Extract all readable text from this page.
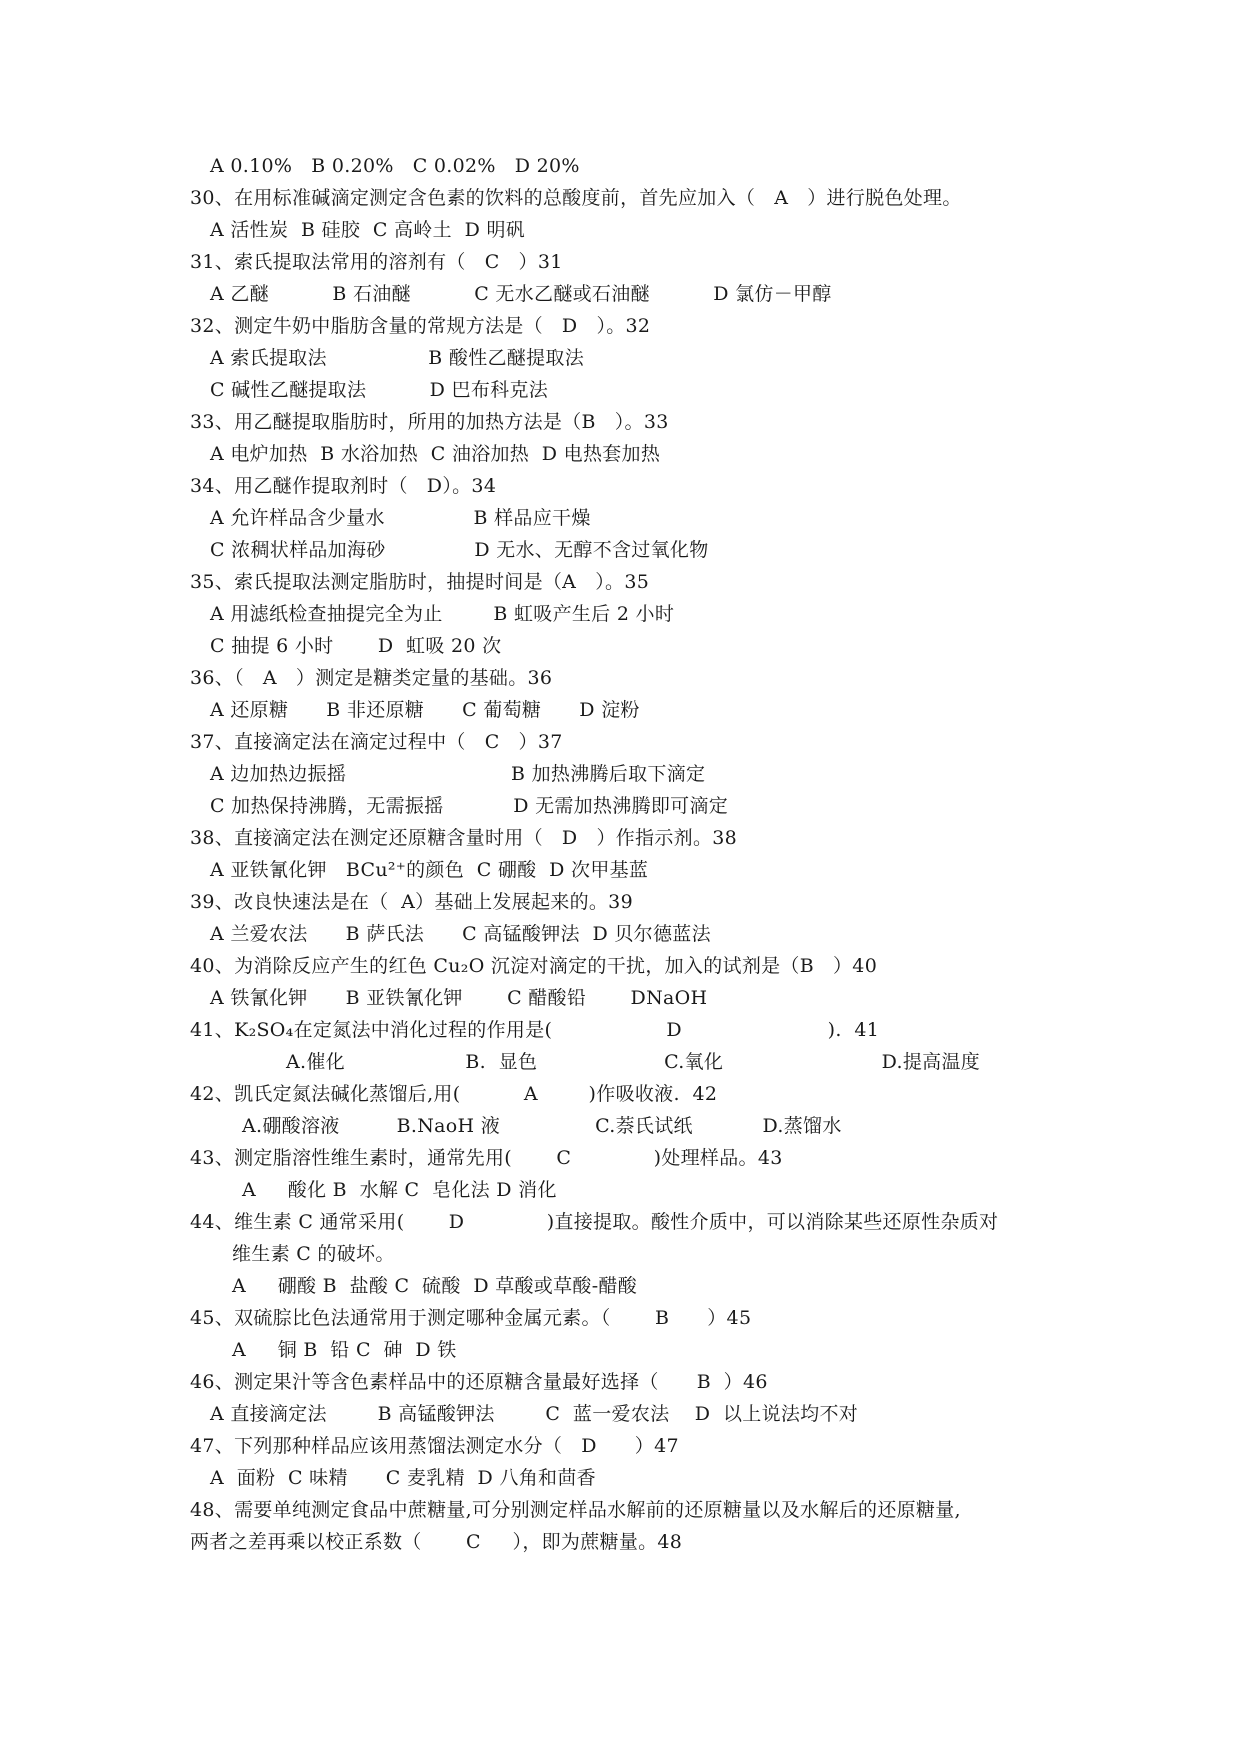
A 0.10%   B 0.20%   C 0.02%   D 20%
30、在用标准碱滴定测定含色素的饮料的总酸度前，首先应加入（   A   ）进行脱色处理。
A 活性炭  B 硅胶  C 高岭土  D 明矾
31、索氏提取法常用的溶剂有（   C   ）31
A 乙醚          B 石油醚          C 无水乙醚或石油醚          D 氯仿－甲醇
32、测定牛奶中脂肪含量的常规方法是（   D   ）。32
A 索氏提取法                B 酸性乙醚提取法
C 碱性乙醚提取法          D 巴布科克法
33、用乙醚提取脂肪时，所用的加热方法是（B   ）。33
A 电炉加热  B 水浴加热  C 油浴加热  D 电热套加热
34、用乙醚作提取剂时（   D）。34
A 允许样品含少量水              B 样品应干燥
C 浓稠状样品加海砂              D 无水、无醇不含过氧化物
35、索氏提取法测定脂肪时，抽提时间是（A   ）。35
A 用滤纸检查抽提完全为止        B 虹吸产生后 2 小时
C 抽提 6 小时       D  虹吸 20 次
36、（   A   ）测定是糖类定量的基础。36
A 还原糖      B 非还原糖      C 葡萄糖      D 淀粉
37、直接滴定法在滴定过程中（   C   ）37
A 边加热边振摇                          B 加热沸腾后取下滴定
C 加热保持沸腾，无需振摇           D 无需加热沸腾即可滴定
38、直接滴定法在测定还原糖含量时用（   D   ）作指示剂。38
A 亚铁氰化钾   BCu²⁺的颜色  C 硼酸  D 次甲基蓝
39、改良快速法是在（  A）基础上发展起来的。39
A 兰爱农法      B 萨氏法      C 高锰酸钾法  D 贝尔德蓝法
40、为消除反应产生的红色 Cu₂O 沉淀对滴定的干扰，加入的试剂是（B   ）40
A 铁氰化钾      B 亚铁氰化钾       C 醋酸铅       DNaOH
41、K₂SO₄在定氮法中消化过程的作用是(                  D                       ).  41
A.催化                   B.  显色                    C.氧化                         D.提高温度
42、凯氏定氮法碱化蒸馏后,用(          A        )作吸收液.  42
A.硼酸溶液         B.NaoH 液               C.萘氏试纸           D.蒸馏水
43、测定脂溶性维生素时，通常先用(       C             )处理样品。43
A     酸化 B  水解 C  皂化法 D 消化
44、维生素 C 通常采用(       D             )直接提取。酸性介质中，可以消除某些还原性杂质对
维生素 C 的破坏。
A     硼酸 B  盐酸 C  硫酸  D 草酸或草酸-醋酸
45、双硫腙比色法通常用于测定哪种金属元素。（       B      ）45
A     铜 B  铅 C  砷  D 铁
46、测定果汁等含色素样品中的还原糖含量最好选择（      B  ）46
A 直接滴定法        B 高锰酸钾法        C  蓝一爱农法    D  以上说法均不对
47、下列那种样品应该用蒸馏法测定水分（   D      ）47
A  面粉  C 味精      C 麦乳精  D 八角和茴香
48、需要单纯测定食品中蔗糖量,可分别测定样品水解前的还原糖量以及水解后的还原糖量,
两者之差再乘以校正系数（       C     ），即为蔗糖量。48
